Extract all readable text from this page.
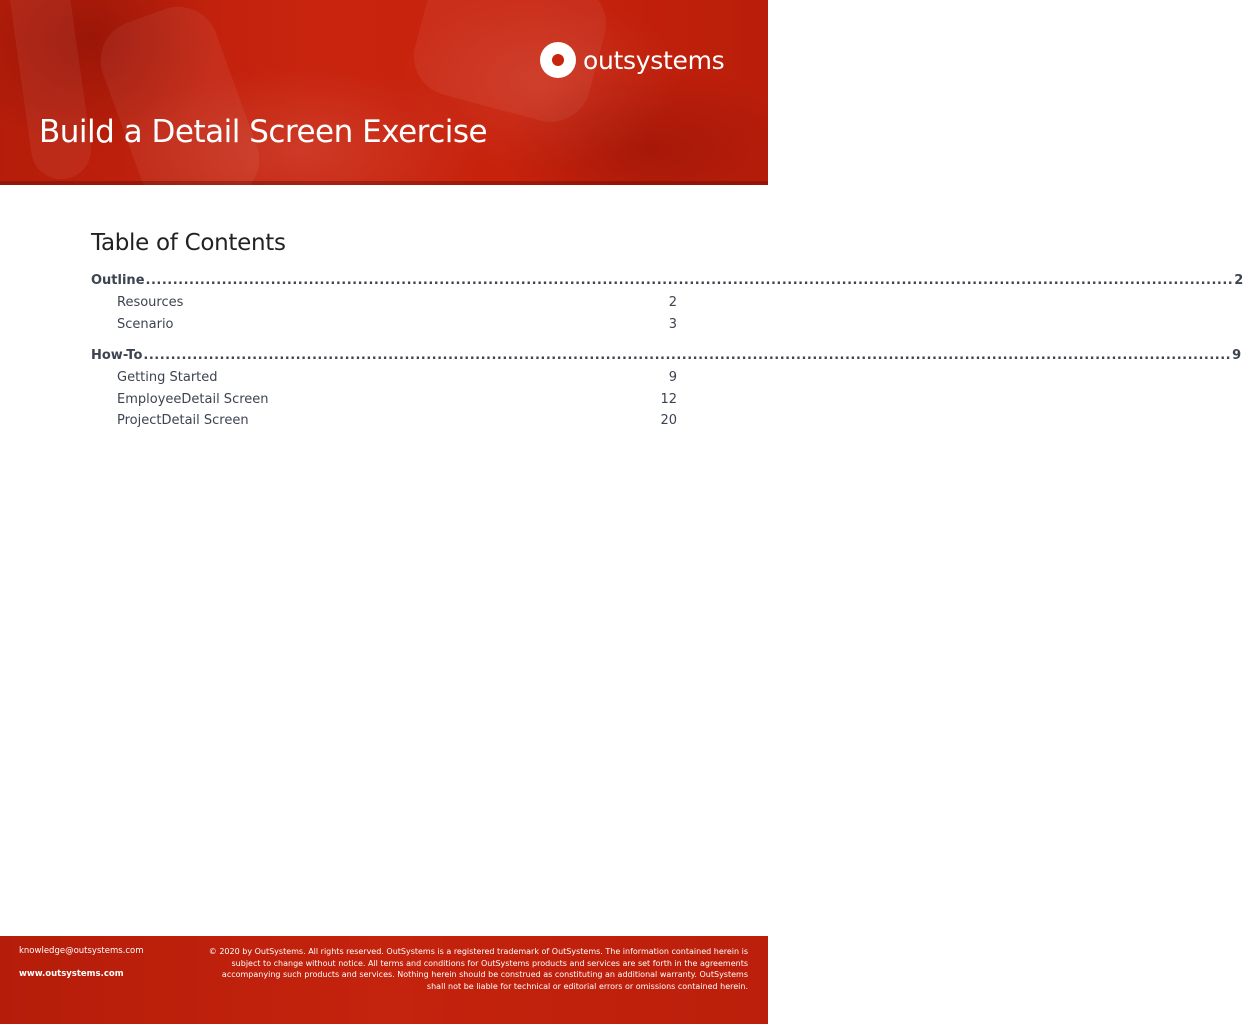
outsystems
Build a Detail Screen Exercise
Table of Contents
Outline ........................................................................................................................................................................................................ 2
Resources	2
Scenario	3
How-To ........................................................................................................................................................................................................ 9
Getting Started	9
EmployeeDetail Screen	12
ProjectDetail Screen	20
knowledge@outsystems.com
www.outsystems.com
© 2020 by OutSystems. All rights reserved. OutSystems is a registered trademark of OutSystems. The information contained herein is subject to change without notice. All terms and conditions for OutSystems products and services are set forth in the agreements accompanying such products and services. Nothing herein should be construed as constituting an additional warranty. OutSystems shall not be liable for technical or editorial errors or omissions contained herein.
